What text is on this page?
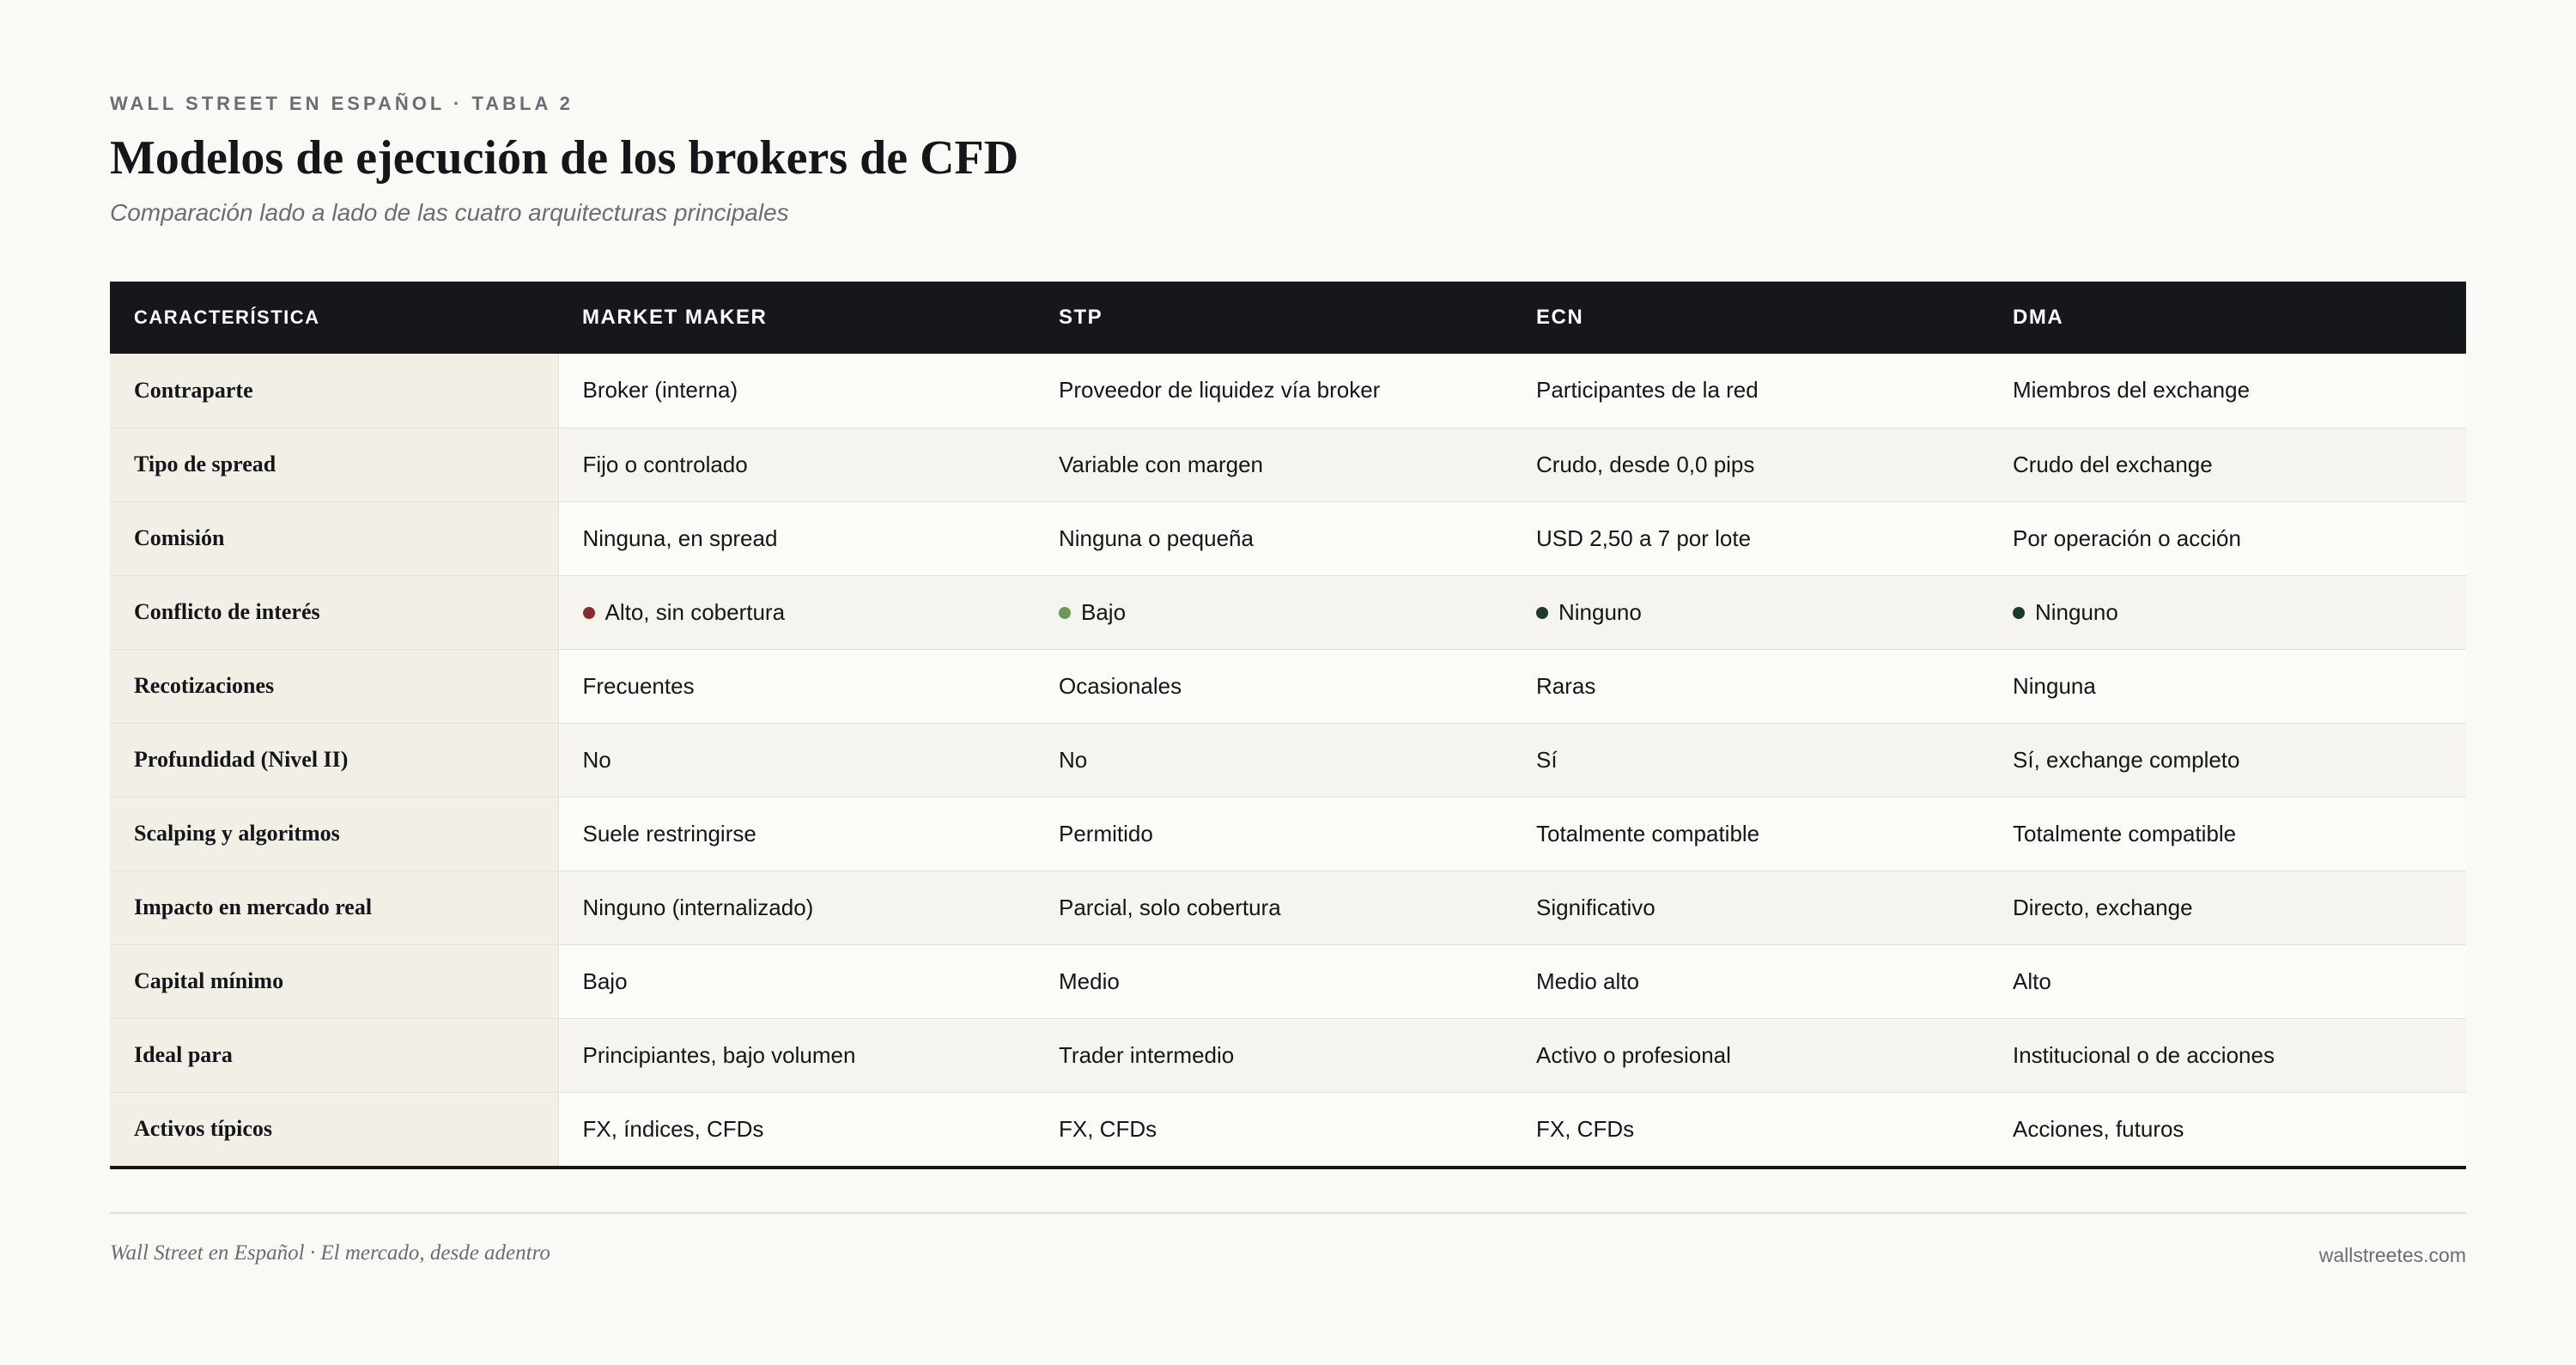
WALL STREET EN ESPAÑOL · TABLA 2
Modelos de ejecución de los brokers de CFD
Comparación lado a lado de las cuatro arquitecturas principales
CARACTERÍSTICA	MARKET MAKER	STP	ECN	DMA
Contraparte	Broker (interna)	Proveedor de liquidez vía broker	Participantes de la red	Miembros del exchange
Tipo de spread	Fijo o controlado	Variable con margen	Crudo, desde 0,0 pips	Crudo del exchange
Comisión	Ninguna, en spread	Ninguna o pequeña	USD 2,50 a 7 por lote	Por operación o acción
Conflicto de interés	Alto, sin cobertura	Bajo	Ninguno	Ninguno
Recotizaciones	Frecuentes	Ocasionales	Raras	Ninguna
Profundidad (Nivel II)	No	No	Sí	Sí, exchange completo
Scalping y algoritmos	Suele restringirse	Permitido	Totalmente compatible	Totalmente compatible
Impacto en mercado real	Ninguno (internalizado)	Parcial, solo cobertura	Significativo	Directo, exchange
Capital mínimo	Bajo	Medio	Medio alto	Alto
Ideal para	Principiantes, bajo volumen	Trader intermedio	Activo o profesional	Institucional o de acciones
Activos típicos	FX, índices, CFDs	FX, CFDs	FX, CFDs	Acciones, futuros
Wall Street en Español · El mercado, desde adentro	wallstreetes.com
